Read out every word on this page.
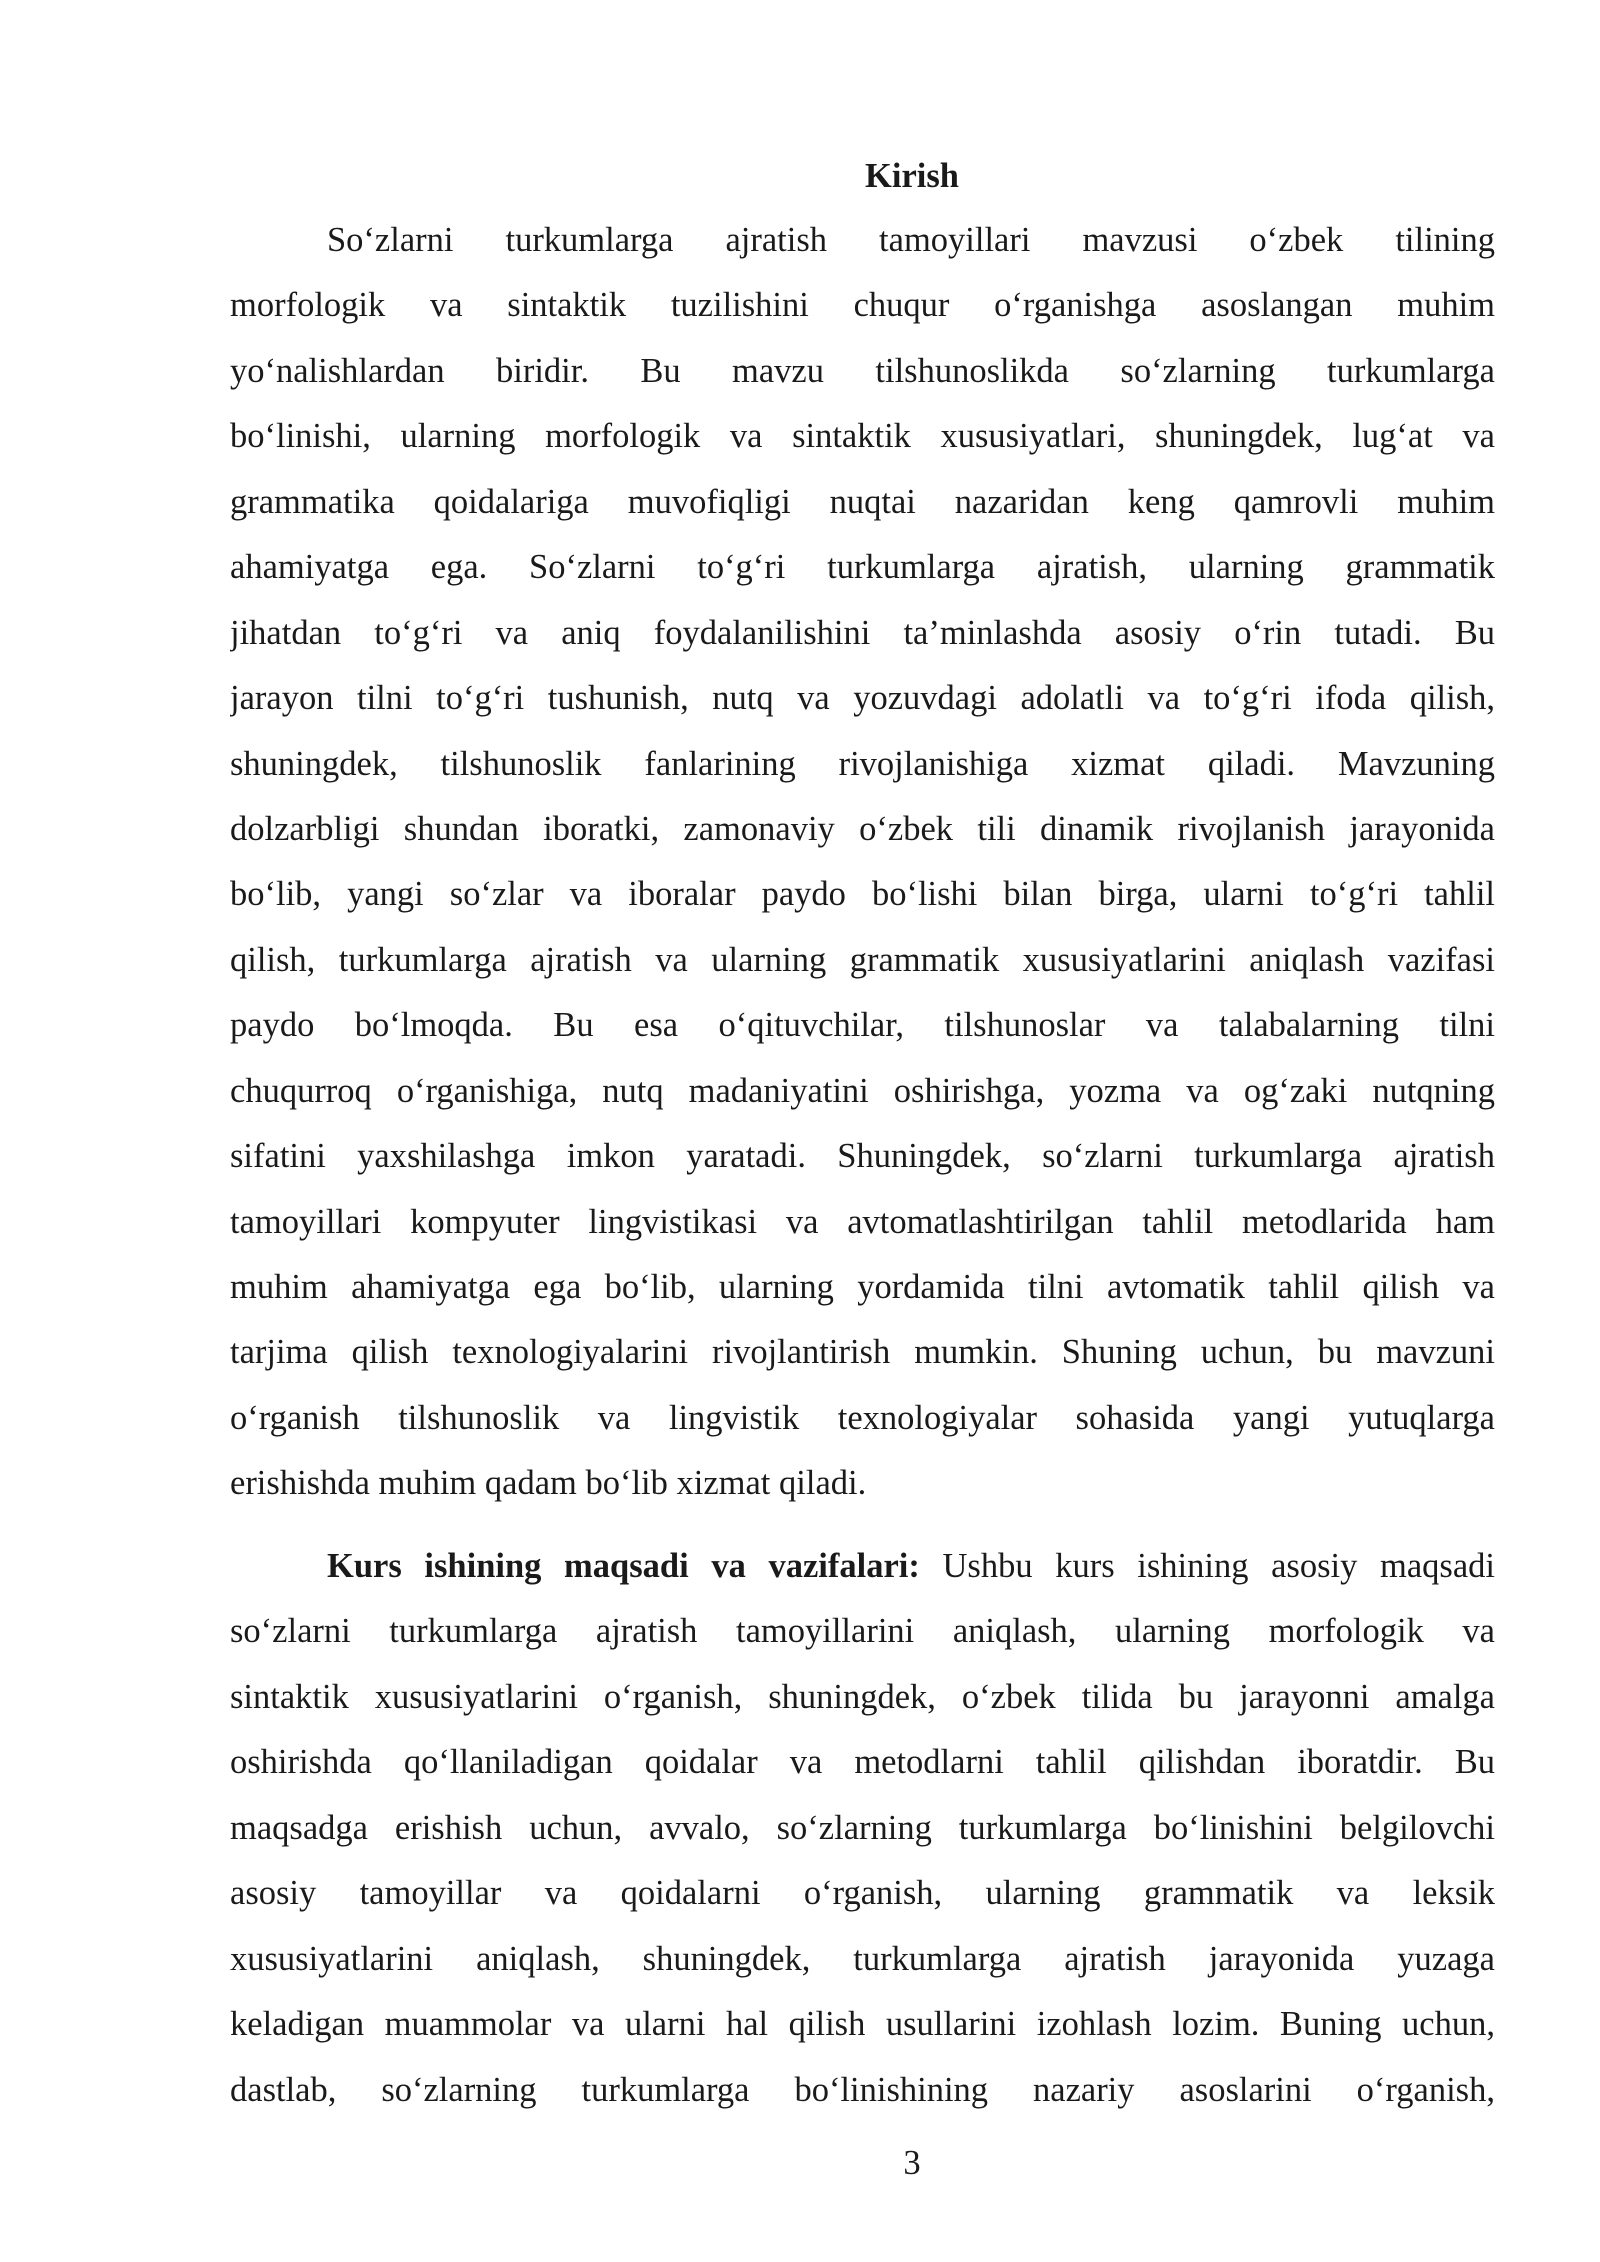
Kirish
So‘zlarni turkumlarga ajratish tamoyillari mavzusi o‘zbek tilining
morfologik va sintaktik tuzilishini chuqur o‘rganishga asoslangan muhim
yo‘nalishlardan biridir. Bu mavzu tilshunoslikda so‘zlarning turkumlarga
bo‘linishi, ularning morfologik va sintaktik xususiyatlari, shuningdek, lug‘at va
grammatika qoidalariga muvofiqligi nuqtai nazaridan keng qamrovli muhim
ahamiyatga ega. So‘zlarni to‘g‘ri turkumlarga ajratish, ularning grammatik
jihatdan to‘g‘ri va aniq foydalanilishini ta’minlashda asosiy o‘rin tutadi. Bu
jarayon tilni to‘g‘ri tushunish, nutq va yozuvdagi adolatli va to‘g‘ri ifoda qilish,
shuningdek, tilshunoslik fanlarining rivojlanishiga xizmat qiladi. Mavzuning
dolzarbligi shundan iboratki, zamonaviy o‘zbek tili dinamik rivojlanish jarayonida
bo‘lib, yangi so‘zlar va iboralar paydo bo‘lishi bilan birga, ularni to‘g‘ri tahlil
qilish, turkumlarga ajratish va ularning grammatik xususiyatlarini aniqlash vazifasi
paydo bo‘lmoqda. Bu esa o‘qituvchilar, tilshunoslar va talabalarning tilni
chuqurroq o‘rganishiga, nutq madaniyatini oshirishga, yozma va og‘zaki nutqning
sifatini yaxshilashga imkon yaratadi. Shuningdek, so‘zlarni turkumlarga ajratish
tamoyillari kompyuter lingvistikasi va avtomatlashtirilgan tahlil metodlarida ham
muhim ahamiyatga ega bo‘lib, ularning yordamida tilni avtomatik tahlil qilish va
tarjima qilish texnologiyalarini rivojlantirish mumkin. Shuning uchun, bu mavzuni
o‘rganish tilshunoslik va lingvistik texnologiyalar sohasida yangi yutuqlarga
erishishda muhim qadam bo‘lib xizmat qiladi.
Kurs ishining maqsadi va vazifalari: Ushbu kurs ishining asosiy maqsadi
so‘zlarni turkumlarga ajratish tamoyillarini aniqlash, ularning morfologik va
sintaktik xususiyatlarini o‘rganish, shuningdek, o‘zbek tilida bu jarayonni amalga
oshirishda qo‘llaniladigan qoidalar va metodlarni tahlil qilishdan iboratdir. Bu
maqsadga erishish uchun, avvalo, so‘zlarning turkumlarga bo‘linishini belgilovchi
asosiy tamoyillar va qoidalarni o‘rganish, ularning grammatik va leksik
xususiyatlarini aniqlash, shuningdek, turkumlarga ajratish jarayonida yuzaga
keladigan muammolar va ularni hal qilish usullarini izohlash lozim. Buning uchun,
dastlab, so‘zlarning turkumlarga bo‘linishining nazariy asoslarini o‘rganish,
3
